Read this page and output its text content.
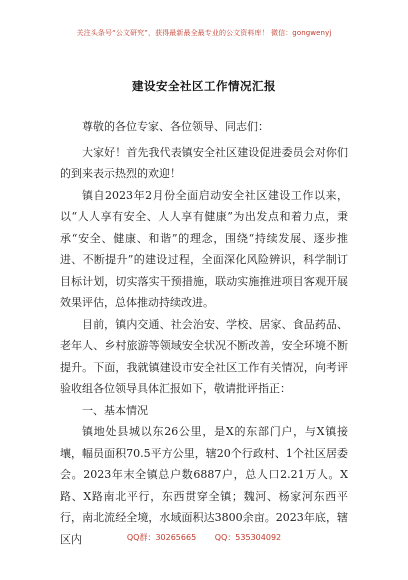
关注头条号“公文研究”，获得最新最全最专业的公文资料库！ 微信：gongwenyj
建设安全社区工作情况汇报

尊敬的各位专家、各位领导、同志们：

大家好！首先我代表镇安全社区建设促进委员会对你们的到来表示热烈的欢迎！

镇自2023年2月份全面启动安全社区建设工作以来，以“人人享有安全、人人享有健康”为出发点和着力点，秉承“安全、健康、和谐”的理念，围绕“持续发展、逐步推进、不断提升”的建设过程，全面深化风险辨识，科学制订目标计划，切实落实干预措施，联动实施推进项目客观开展效果评估，总体推动持续改进。

目前，镇内交通、社会治安、学校、居家、食品药品、老年人、乡村旅游等领域安全状况不断改善，安全环境不断提升。下面，我就镇建设市安全社区工作有关情况，向考评验收组各位领导具体汇报如下，敬请批评指正：

一、基本情况

镇地处县城以东26公里，是X的东部门户，与X镇接壤，幅员面积70.5平方公里，辖20个行政村、1个社区居委会。2023年末全镇总户数6887户，总人口2.21万人。X路、X路南北平行，东西贯穿全镇；魏河、杨家河东西平行，南北流经全境，水域面积达3800余亩。2023年底，辖区内	QQ群：30265665 QQ：535304092
